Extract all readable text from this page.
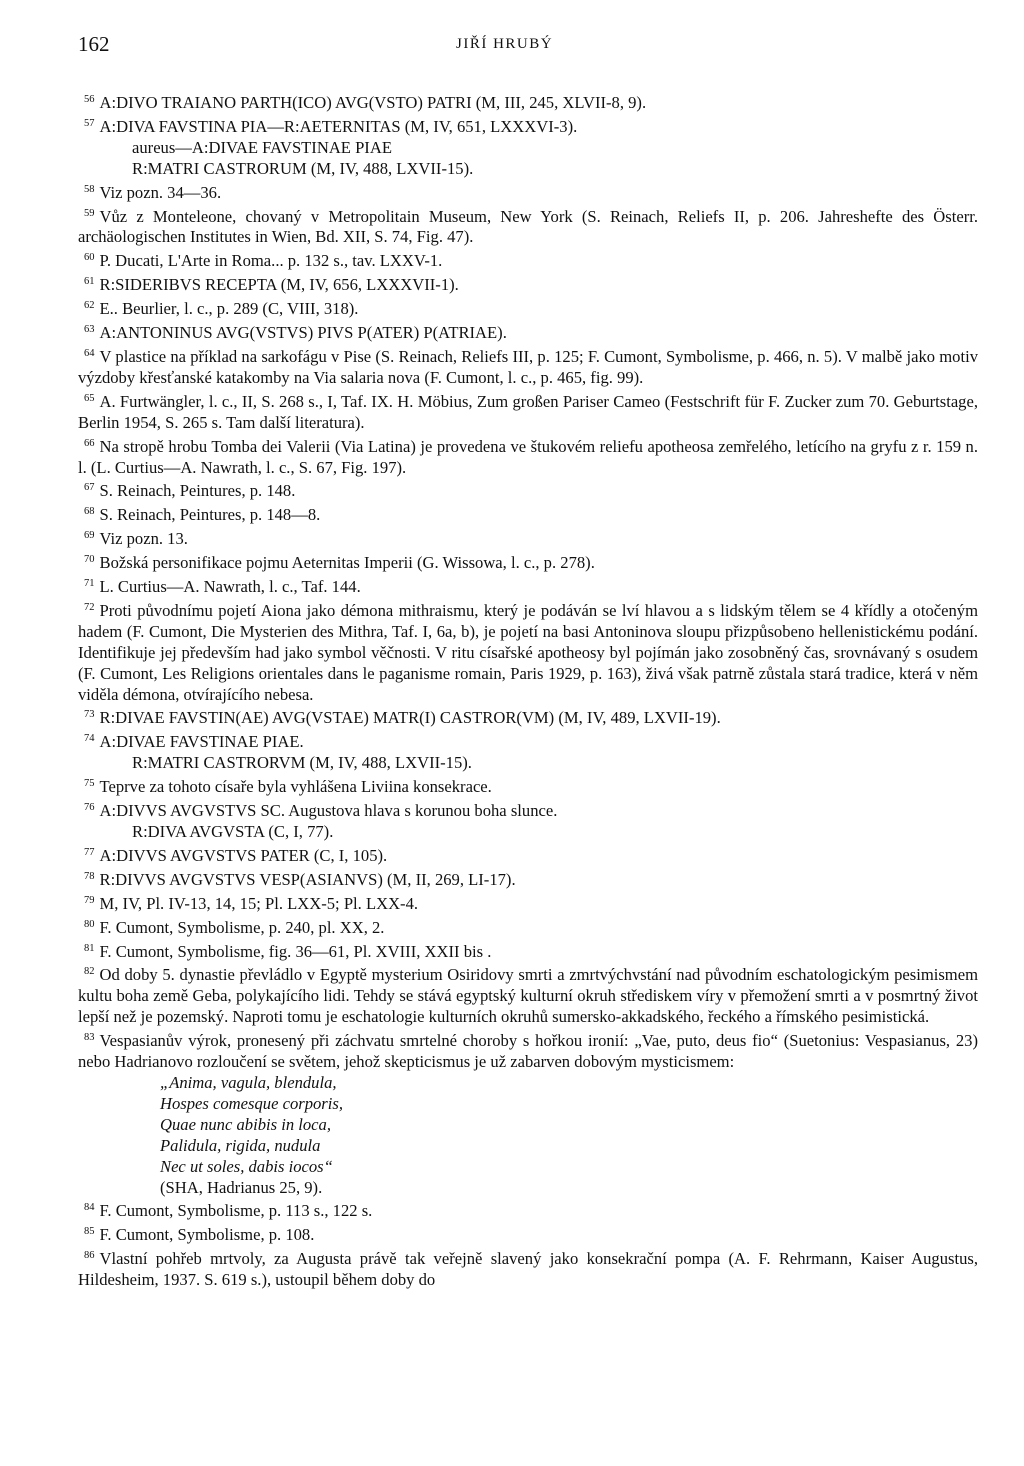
162	JIŘÍ HRUBÝ

$^{56}$ A:DIVO TRAIANO PARTH(ICO) AVG(VSTO) PATRI (M, III, 245, XLVII-8, 9).

$^{57}$ A:DIVA FAVSTINA PIA—R:AETERNITAS (M, IV, 651, LXXXVI-3).

aureus—A:DIVAE FAVSTINAE PIAE

R:MATRI CASTRORUM (M, IV, 488, LXVII-15).

$^{58}$ Viz pozn. 34—36.

$^{59}$ Vůz z Monteleone, chovaný v Metropolitain Museum, New York (S. Reinach, Reliefs II, p. 206. Jahreshefte des Österr. archäologischen Institutes in Wien, Bd. XII, S. 74, Fig. 47).

$^{60}$ P. Ducati, L'Arte in Roma... p. 132 s., tav. LXXV-1.

$^{61}$ R:SIDERIBVS RECEPTA (M, IV, 656, LXXXVII-1).

$^{62}$ E.. Beurlier, l. c., p. 289 (C, VIII, 318).

$^{63}$ A:ANTONINUS AVG(VSTVS) PIVS P(ATER) P(ATRIAE).

$^{64}$ V plastice na příklad na sarkofágu v Pise (S. Reinach, Reliefs III, p. 125; F. Cumont, Symbolisme, p. 466, n. 5). V malbě jako motiv výzdoby křesťanské katakomby na Via salaria nova (F. Cumont, l. c., p. 465, fig. 99).

$^{65}$ A. Furtwängler, l. c., II, S. 268 s., I, Taf. IX. H. Möbius, Zum großen Pariser Cameo (Festschrift für F. Zucker zum 70. Geburtstage, Berlin 1954, S. 265 s. Tam další literatura).

$^{66}$ Na stropě hrobu Tomba dei Valerii (Via Latina) je provedena ve štukovém reliefu apotheosa zemřelého, letícího na gryfu z r. 159 n. l. (L. Curtius—A. Nawrath, l. c., S. 67, Fig. 197).

$^{67}$ S. Reinach, Peintures, p. 148.

$^{68}$ S. Reinach, Peintures, p. 148—8.

$^{69}$ Viz pozn. 13.

$^{70}$ Božská personifikace pojmu Aeternitas Imperii (G. Wissowa, l. c., p. 278).

$^{71}$ L. Curtius—A. Nawrath, l. c., Taf. 144.

$^{72}$ Proti původnímu pojetí Aiona jako démona mithraismu, který je podáván se lví hlavou a s lidským tělem se 4 křídly a otočeným hadem (F. Cumont, Die Mysterien des Mithra, Taf. I, 6a, b), je pojetí na basi Antoninova sloupu přizpůsobeno hellenistickému podání. Identifikuje jej především had jako symbol věčnosti. V ritu císařské apotheosy byl pojímán jako zosobněný čas, srovnávaný s osudem (F. Cumont, Les Religions orientales dans le paganisme romain, Paris 1929, p. 163), živá však patrně zůstala stará tradice, která v něm viděla démona, otvírajícího nebesa.

$^{73}$ R:DIVAE FAVSTIN(AE) AVG(VSTAE) MATR(I) CASTROR(VM) (M, IV, 489, LXVII-19).

$^{74}$ A:DIVAE FAVSTINAE PIAE.

R:MATRI CASTRORVM (M, IV, 488, LXVII-15).

$^{75}$ Teprve za tohoto císaře byla vyhlášena Liviina konsekrace.

$^{76}$ A:DIVVS AVGVSTVS SC. Augustova hlava s korunou boha slunce.

R:DIVA AVGVSTA (C, I, 77).

$^{77}$ A:DIVVS AVGVSTVS PATER (C, I, 105).

$^{78}$ R:DIVVS AVGVSTVS VESP(ASIANVS) (M, II, 269, LI-17).

$^{79}$ M, IV, Pl. IV-13, 14, 15; Pl. LXX-5; Pl. LXX-4.

$^{80}$ F. Cumont, Symbolisme, p. 240, pl. XX, 2.

$^{81}$ F. Cumont, Symbolisme, fig. 36—61, Pl. XVIII, XXII bis .

$^{82}$ Od doby 5. dynastie převládlo v Egyptě mysterium Osiridovy smrti a zmrtvýchvstání nad původním eschatologickým pesimismem kultu boha země Geba, polykajícího lidi. Tehdy se stává egyptský kulturní okruh střediskem víry v přemožení smrti a v posmrtný život lepší než je pozemský. Naproti tomu je eschatologie kulturních okruhů sumersko-akkadského, řeckého a římského pesimistická.

$^{83}$ Vespasianův výrok, pronesený při záchvatu smrtelné choroby s hořkou ironií: „Vae, puto, deus fio“ (Suetonius: Vespasianus, 23) nebo Hadrianovo rozloučení se světem, jehož skepticismus je už zabarven dobovým mysticismem:

„Anima, vagula, blendula,

Hospes comesque corporis,

Quae nunc abibis in loca,

Palidula, rigida, nudula

Nec ut soles, dabis iocos“

(SHA, Hadrianus 25, 9).

$^{84}$ F. Cumont, Symbolisme, p. 113 s., 122 s.

$^{85}$ F. Cumont, Symbolisme, p. 108.

$^{86}$ Vlastní pohřeb mrtvoly, za Augusta právě tak veřejně slavený jako konsekrační pompa (A. F. Rehrmann, Kaiser Augustus, Hildesheim, 1937. S. 619 s.), ustoupil během doby do
